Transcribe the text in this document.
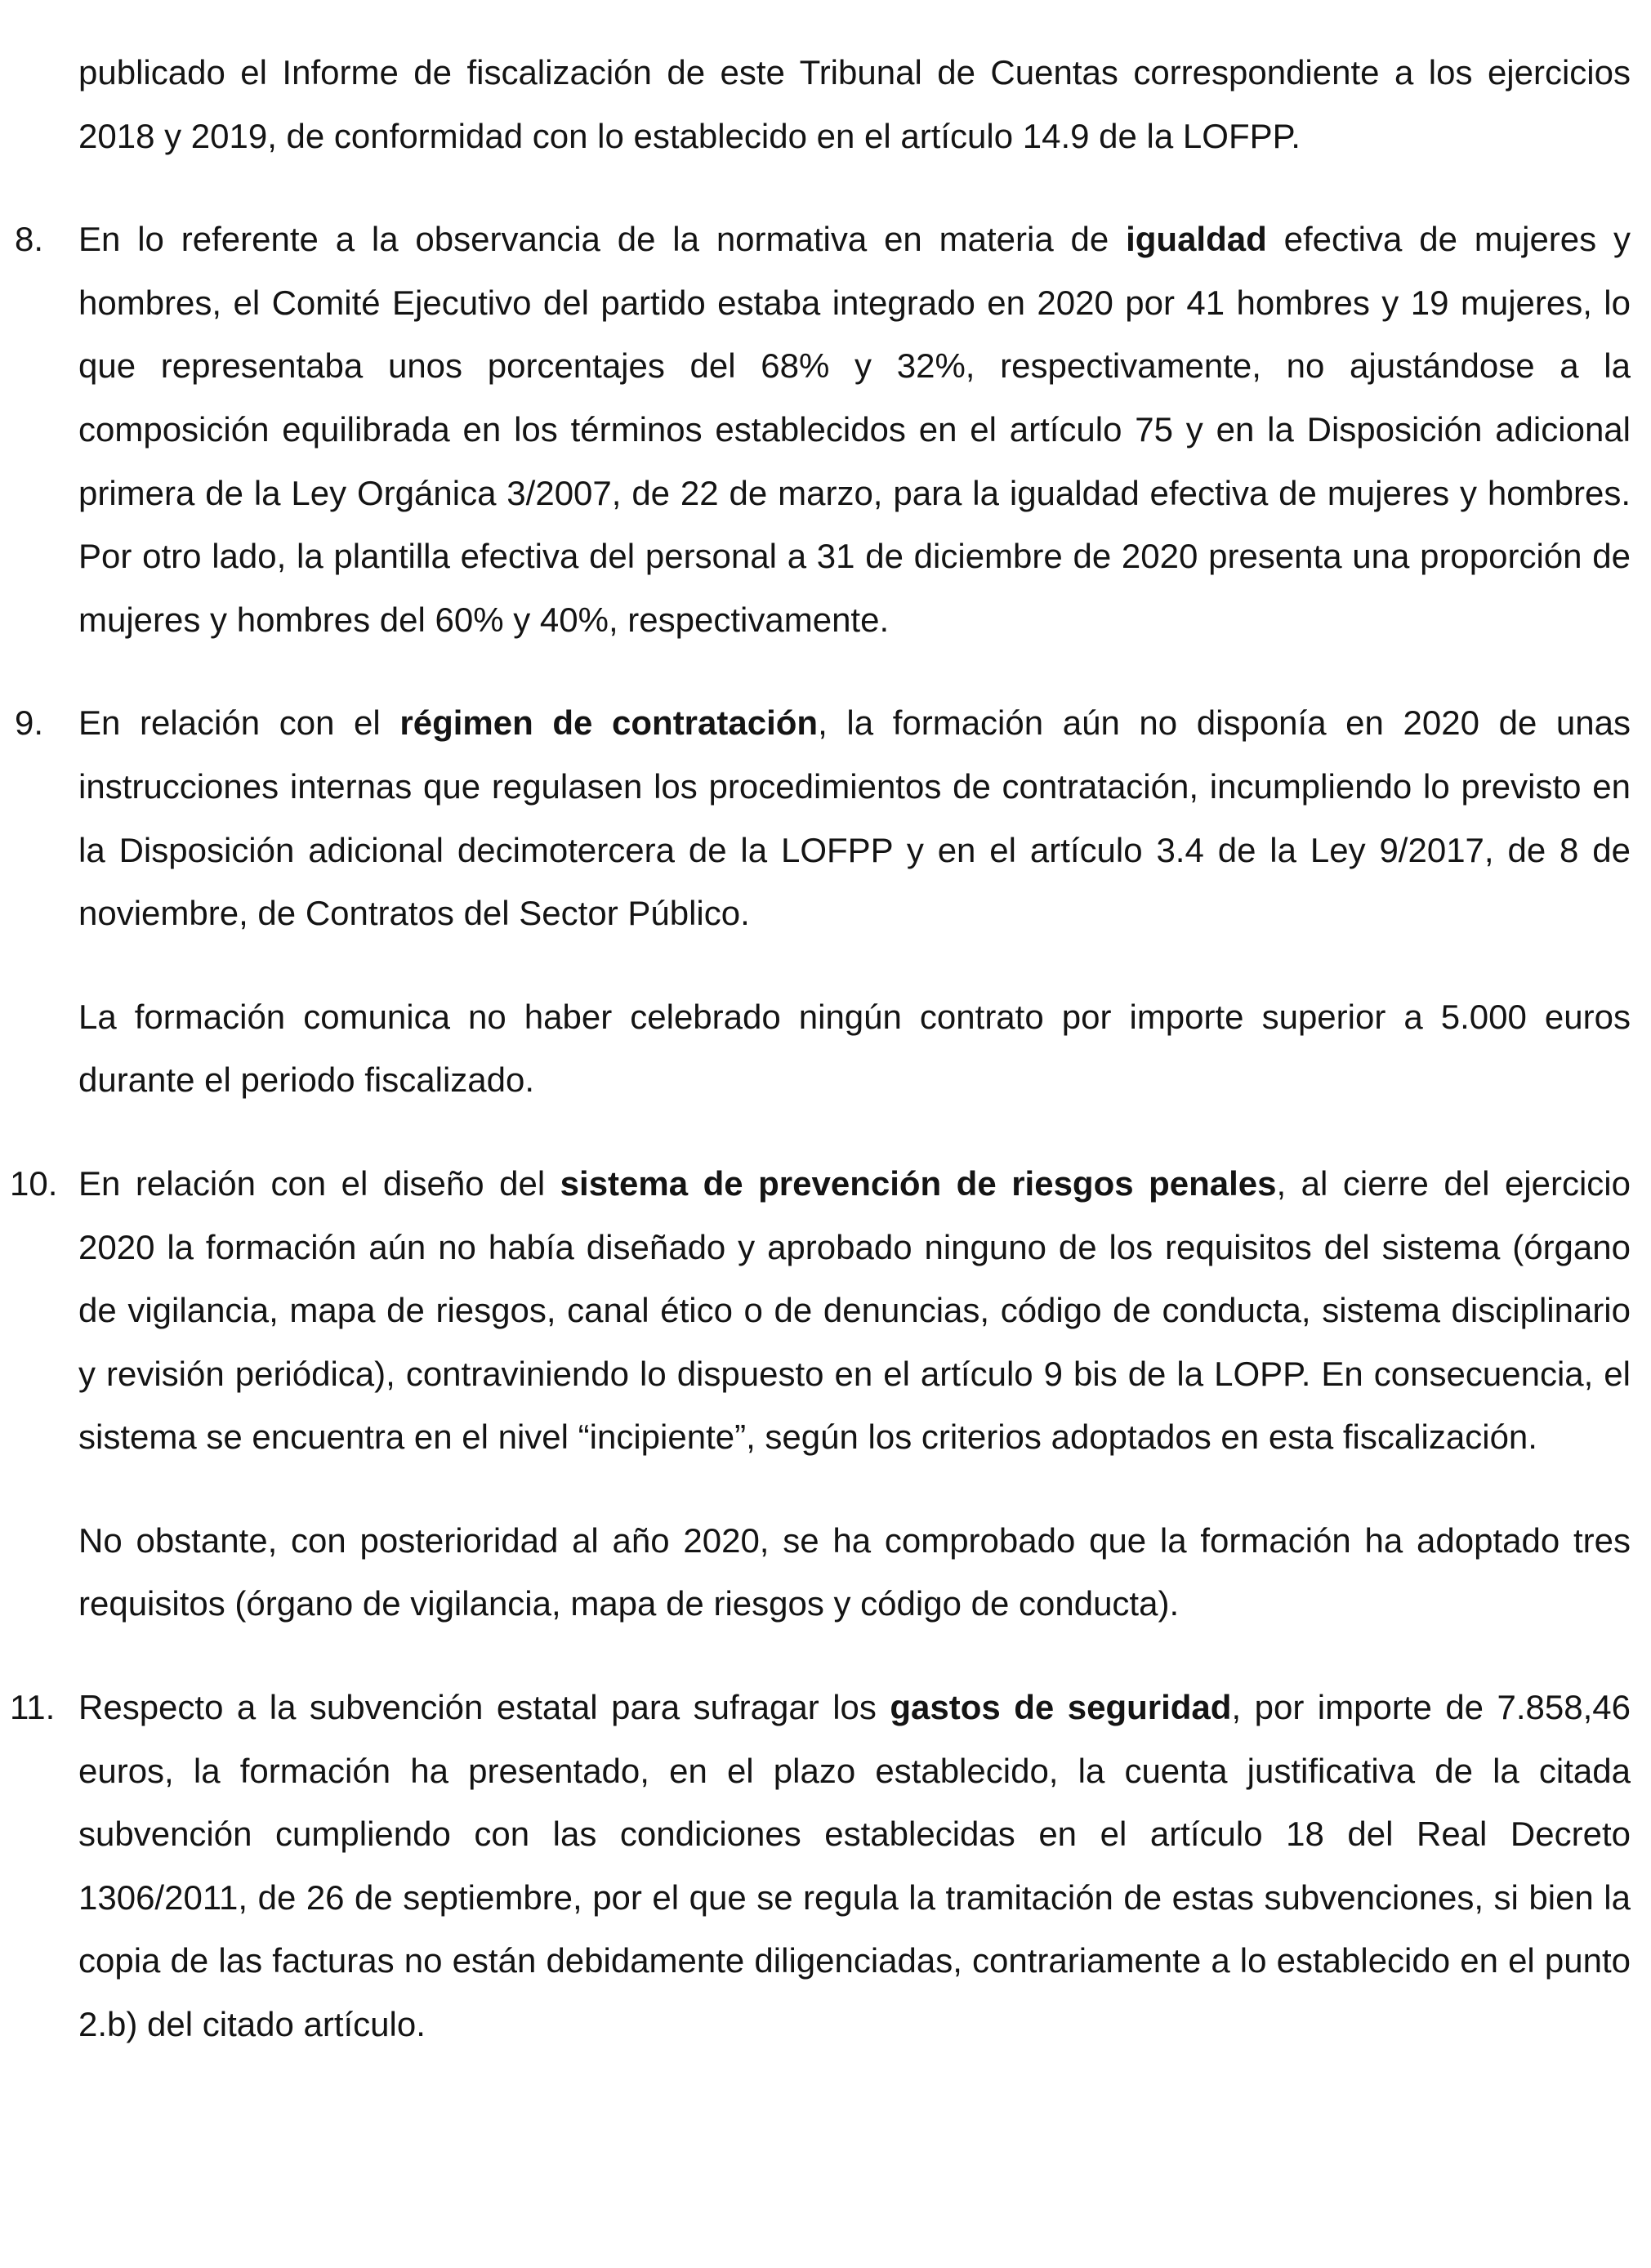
publicado el Informe de fiscalización de este Tribunal de Cuentas correspondiente a los ejercicios 2018 y 2019, de conformidad con lo establecido en el artículo 14.9 de la LOFPP.

8. En lo referente a la observancia de la normativa en materia de igualdad efectiva de mujeres y hombres, el Comité Ejecutivo del partido estaba integrado en 2020 por 41 hombres y 19 mujeres, lo que representaba unos porcentajes del 68% y 32%, respectivamente, no ajustándose a la composición equilibrada en los términos establecidos en el artículo 75 y en la Disposición adicional primera de la Ley Orgánica 3/2007, de 22 de marzo, para la igualdad efectiva de mujeres y hombres. Por otro lado, la plantilla efectiva del personal a 31 de diciembre de 2020 presenta una proporción de mujeres y hombres del 60% y 40%, respectivamente.
9. En relación con el régimen de contratación, la formación aún no disponía en 2020 de unas instrucciones internas que regulasen los procedimientos de contratación, incumpliendo lo previsto en la Disposición adicional decimotercera de la LOFPP y en el artículo 3.4 de la Ley 9/2017, de 8 de noviembre, de Contratos del Sector Público.

La formación comunica no haber celebrado ningún contrato por importe superior a 5.000 euros durante el periodo fiscalizado.

10. En relación con el diseño del sistema de prevención de riesgos penales, al cierre del ejercicio 2020 la formación aún no había diseñado y aprobado ninguno de los requisitos del sistema (órgano de vigilancia, mapa de riesgos, canal ético o de denuncias, código de conducta, sistema disciplinario y revisión periódica), contraviniendo lo dispuesto en el artículo 9 bis de la LOPP. En consecuencia, el sistema se encuentra en el nivel “incipiente”, según los criterios adoptados en esta fiscalización.

No obstante, con posterioridad al año 2020, se ha comprobado que la formación ha adoptado tres requisitos (órgano de vigilancia, mapa de riesgos y código de conducta).

11. Respecto a la subvención estatal para sufragar los gastos de seguridad, por importe de 7.858,46 euros, la formación ha presentado, en el plazo establecido, la cuenta justificativa de la citada subvención cumpliendo con las condiciones establecidas en el artículo 18 del Real Decreto 1306/2011, de 26 de septiembre, por el que se regula la tramitación de estas subvenciones, si bien la copia de las facturas no están debidamente diligenciadas, contrariamente a lo establecido en el punto 2.b) del citado artículo.
